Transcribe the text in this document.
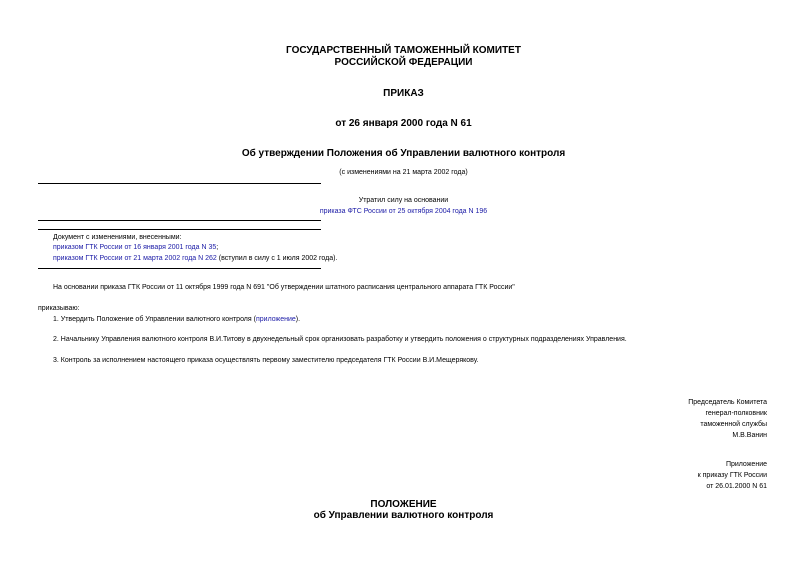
ГОСУДАРСТВЕННЫЙ ТАМОЖЕННЫЙ КОМИТЕТ
РОССИЙСКОЙ ФЕДЕРАЦИИ
ПРИКАЗ
от 26 января 2000 года N 61
Об утверждении Положения об Управлении валютного контроля
(с изменениями на 21 марта 2002 года)
Утратил силу на основании
приказа ФТС России от 25 октября 2004 года N 196
Документ с изменениями, внесенными:
приказом ГТК России от 16 января 2001 года N 35;
приказом ГТК России от 21 марта 2002 года N 262 (вступил в силу с 1 июля 2002 года).
На основании приказа ГТК России от 11 октября 1999 года N 691 "Об утверждении штатного расписания центрального аппарата ГТК России"
приказываю:
1. Утвердить Положение об Управлении валютного контроля (приложение).
2. Начальнику Управления валютного контроля В.И.Титову в двухнедельный срок организовать разработку и утвердить положения о структурных подразделениях Управления.
3. Контроль за исполнением настоящего приказа осуществлять первому заместителю председателя ГТК России В.И.Мещерякову.
Председатель Комитета
генерал-полковник
таможенной службы
М.В.Ванин
Приложение
к приказу ГТК России
от 26.01.2000 N 61
ПОЛОЖЕНИЕ
об Управлении валютного контроля
